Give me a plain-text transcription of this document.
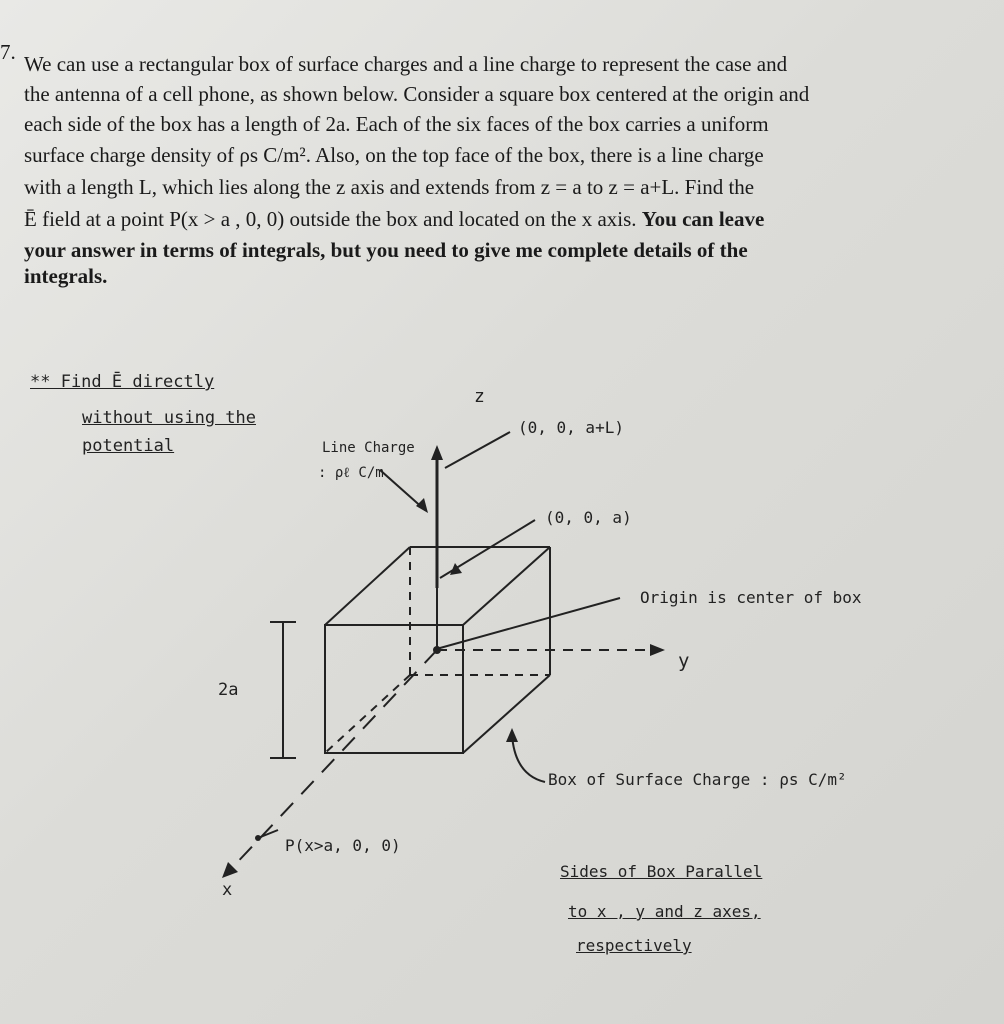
7. We can use a rectangular box of surface charges and a line charge to represent the case and
the antenna of a cell phone, as shown below. Consider a square box centered at the origin and
each side of the box has a length of 2a. Each of the six faces of the box carries a uniform
surface charge density of ρs C/m². Also, on the top face of the box, there is a line charge
with a length L, which lies along the z axis and extends from z = a to z = a+L. Find the
Ē field at a point P(x > a , 0, 0) outside the box and located on the x axis. You can leave
your answer in terms of integrals, but you need to give me complete details of the
integrals.
** Find Ē directly
without using the
potential
z
(0, 0, a+L)
Line Charge
: ρℓ C/m
(0, 0, a)
Origin is center of box
y
2a
Box of Surface Charge : ρs C/m²
P(x>a, 0, 0)
x
Sides of Box Parallel
to x , y and z axes,
respectively
